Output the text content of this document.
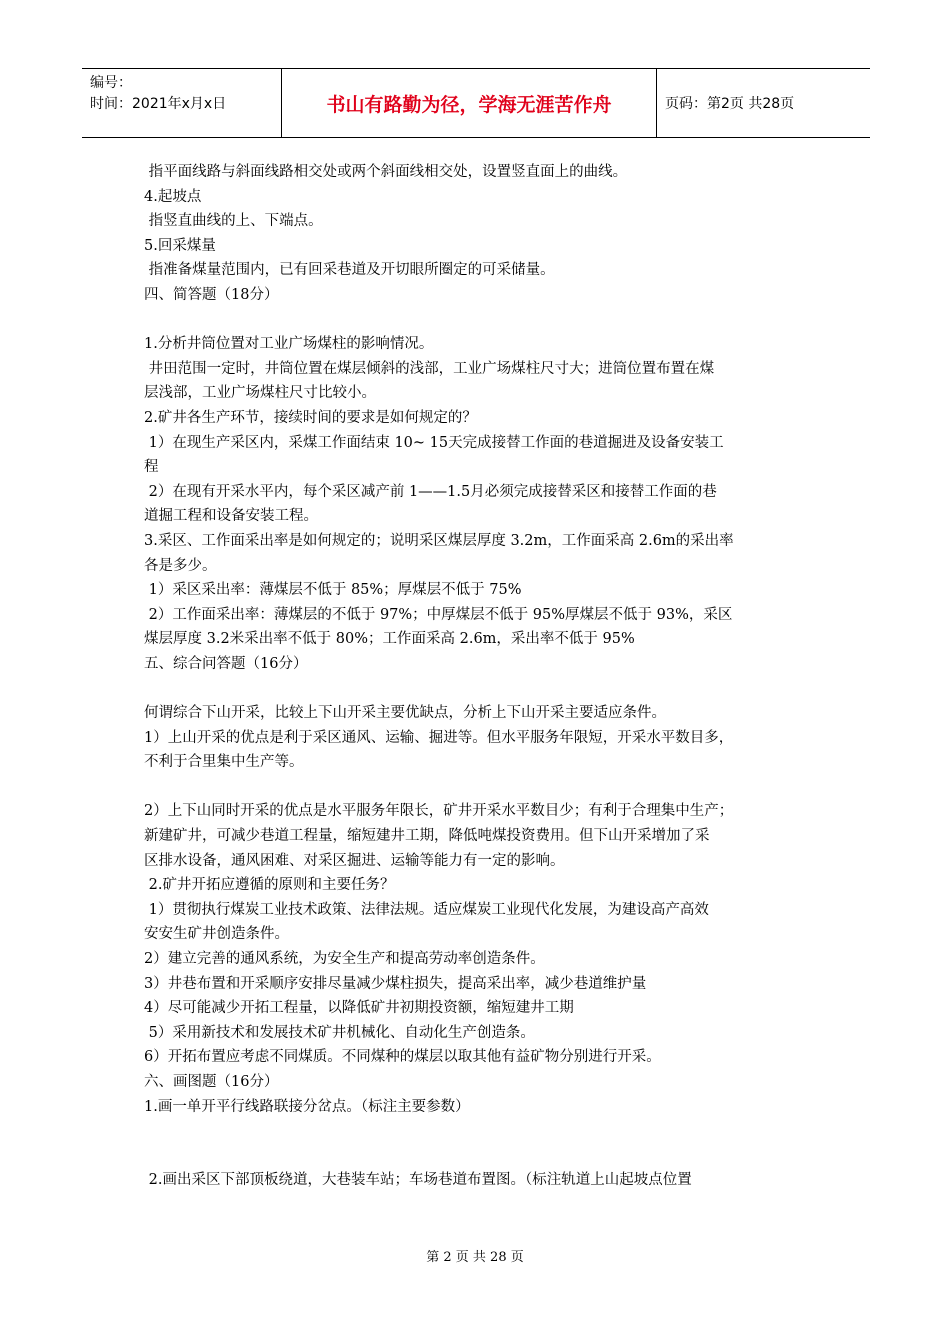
编号：
时间：2021年x月x日	书山有路勤为径，学海无涯苦作舟	页码：第2页 共28页

指平面线路与斜面线路相交处或两个斜面线相交处，设置竖直面上的曲线。

4.起坡点

指竖直曲线的上、下端点。

5.回采煤量

指准备煤量范围内，已有回采巷道及开切眼所圈定的可采储量。

四、简答题（18分）

1.分析井筒位置对工业广场煤柱的影响情况。

井田范围一定时，井筒位置在煤层倾斜的浅部，工业广场煤柱尺寸大；进筒位置布置在煤

层浅部，工业广场煤柱尺寸比较小。

2.矿井各生产环节，接续时间的要求是如何规定的？

1）在现生产采区内，采煤工作面结束 10~ 15天完成接替工作面的巷道掘进及设备安装工

程

2）在现有开采水平内，每个采区减产前 1——1.5月必须完成接替采区和接替工作面的巷

道掘工程和设备安装工程。

3.采区、工作面采出率是如何规定的；说明采区煤层厚度 3.2m，工作面采高 2.6m的采出率

各是多少。

1）采区采出率：薄煤层不低于 85%；厚煤层不低于 75%

2）工作面采出率：薄煤层的不低于 97%；中厚煤层不低于 95%厚煤层不低于 93%，采区

煤层厚度 3.2米采出率不低于 80%；工作面采高 2.6m，采出率不低于 95%

五、综合问答题（16分）

何谓综合下山开采，比较上下山开采主要优缺点，分析上下山开采主要适应条件。

1）上山开采的优点是利于采区通风、运输、掘进等。但水平服务年限短，开采水平数目多，

不利于合里集中生产等。

2）上下山同时开采的优点是水平服务年限长，矿井开采水平数目少；有利于合理集中生产；

新建矿井，可减少巷道工程量，缩短建井工期，降低吨煤投资费用。但下山开采增加了采

区排水设备，通风困难、对采区掘进、运输等能力有一定的影响。

2.矿井开拓应遵循的原则和主要任务？

1）贯彻执行煤炭工业技术政策、法律法规。适应煤炭工业现代化发展，为建设高产高效

安安生矿井创造条件。

2）建立完善的通风系统，为安全生产和提高劳动率创造条件。

3）井巷布置和开采顺序安排尽量减少煤柱损失，提高采出率，减少巷道维护量

4）尽可能减少开拓工程量，以降低矿井初期投资额，缩短建井工期

5）采用新技术和发展技术矿井机械化、自动化生产创造条。

6）开拓布置应考虑不同煤质。不同煤种的煤层以取其他有益矿物分别进行开采。

六、画图题（16分）

1.画一单开平行线路联接分岔点。（标注主要参数）

2.画出采区下部顶板绕道，大巷装车站；车场巷道布置图。（标注轨道上山起坡点位置

第 2 页 共 28 页
